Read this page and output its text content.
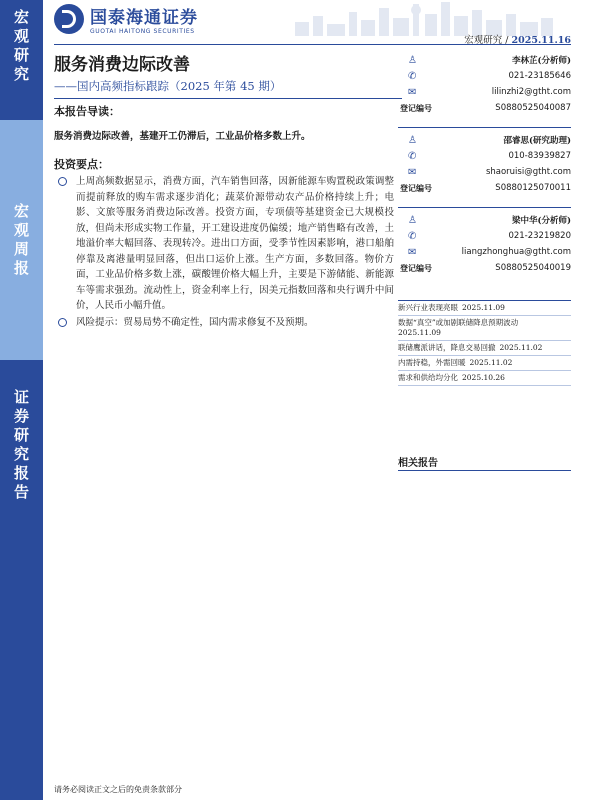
宏
观
研
究
宏
观
周
报
证
券
研
究
报
告
国泰海通证券
GUOTAI HAITONG SECURITIES
宏观研究 / 2025.11.16
服务消费边际改善
——国内高频指标跟踪（2025 年第 45 期）
本报告导读：
服务消费边际改善，基建开工仍滞后，工业品价格多数上升。
投资要点：
上周高频数据显示，消费方面，汽车销售回落，因新能源车购置税政策调整而提前释放的购车需求逐步消化；蔬菜价源带动农产品价格持续上升；电影、文旅等服务消费边际改善。投资方面，专项债等基建资金已大规模投放，但尚未形成实物工作量，开工建设进度仍偏缓；地产销售略有改善，土地溢价率大幅回落、表现转冷。进出口方面，受季节性因素影响，港口船舶停靠及离港量明显回落，但出口运价上涨。生产方面，多数回落。物价方面，工业品价格多数上涨，碳酸锂价格大幅上升，主要是下游储能、新能源车等需求强劲。流动性上，资金利率上行，因美元指数回落和央行调升中间价，人民币小幅升值。
风险提示：贸易局势不确定性，国内需求修复不及预期。
♙	李林芷(分析师)
✆	021-23185646
✉	lilinzhi2@gtht.com
登记编号	S0880525040087
♙	邵睿思(研究助理)
✆	010-83939827
✉	shaoruisi@gtht.com
登记编号	S0880125070011
♙	梁中华(分析师)
✆	021-23219820
✉	liangzhonghua@gtht.com
登记编号	S0880525040019
新兴行业表现亮眼 2025.11.09
数据“真空”或加剧联储降息预期波动
2025.11.09
联储鹰派讲话，降息交易回撤 2025.11.02
内需持稳，外需回暖 2025.11.02
需求和供给均分化 2025.10.26
相关报告
请务必阅读正文之后的免责条款部分
